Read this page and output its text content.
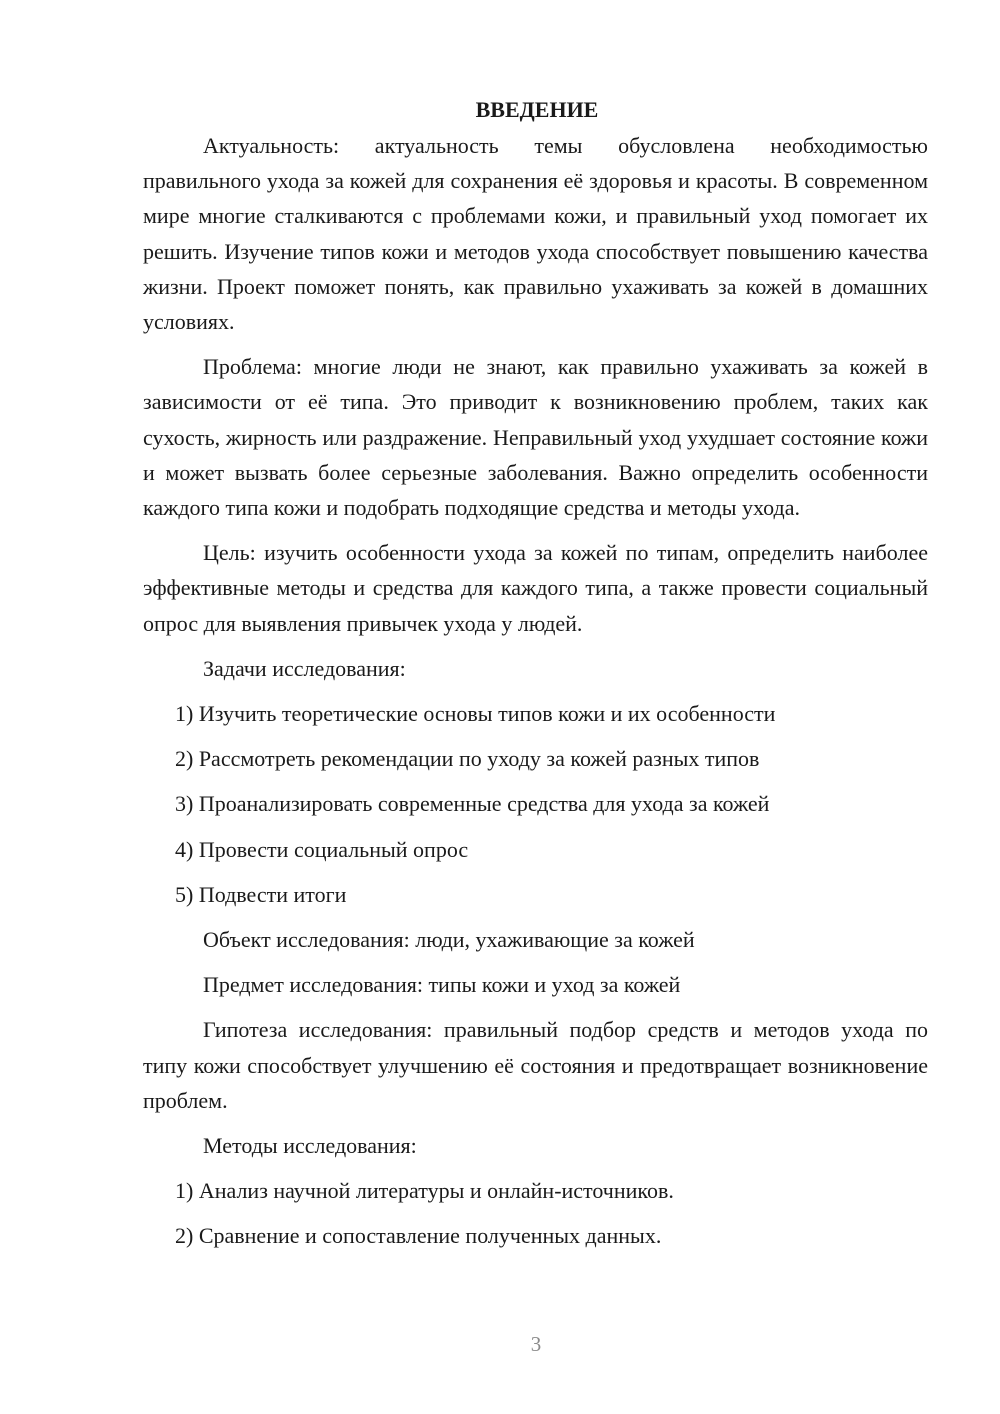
ВВЕДЕНИЕ

Актуальность: актуальность темы обусловлена необходимостью правильного ухода за кожей для сохранения её здоровья и красоты. В современном мире многие сталкиваются с проблемами кожи, и правильный уход помогает их решить. Изучение типов кожи и методов ухода способствует повышению качества жизни. Проект поможет понять, как правильно ухаживать за кожей в домашних условиях.

Проблема: многие люди не знают, как правильно ухаживать за кожей в зависимости от её типа. Это приводит к возникновению проблем, таких как сухость, жирность или раздражение. Неправильный уход ухудшает состояние кожи и может вызвать более серьезные заболевания. Важно определить особенности каждого типа кожи и подобрать подходящие средства и методы ухода.

Цель: изучить особенности ухода за кожей по типам, определить наиболее эффективные методы и средства для каждого типа, а также провести социальный опрос для выявления привычек ухода у людей.

Задачи исследования:
1) Изучить теоретические основы типов кожи и их особенности
2) Рассмотреть рекомендации по уходу за кожей разных типов
3) Проанализировать современные средства для ухода за кожей
4) Провести социальный опрос
5) Подвести итоги
Объект исследования: люди, ухаживающие за кожей
Предмет исследования: типы кожи и уход за кожей

Гипотеза исследования: правильный подбор средств и методов ухода по типу кожи способствует улучшению её состояния и предотвращает возникновение проблем.

Методы исследования:
1) Анализ научной литературы и онлайн-источников.
2) Сравнение и сопоставление полученных данных.
3
